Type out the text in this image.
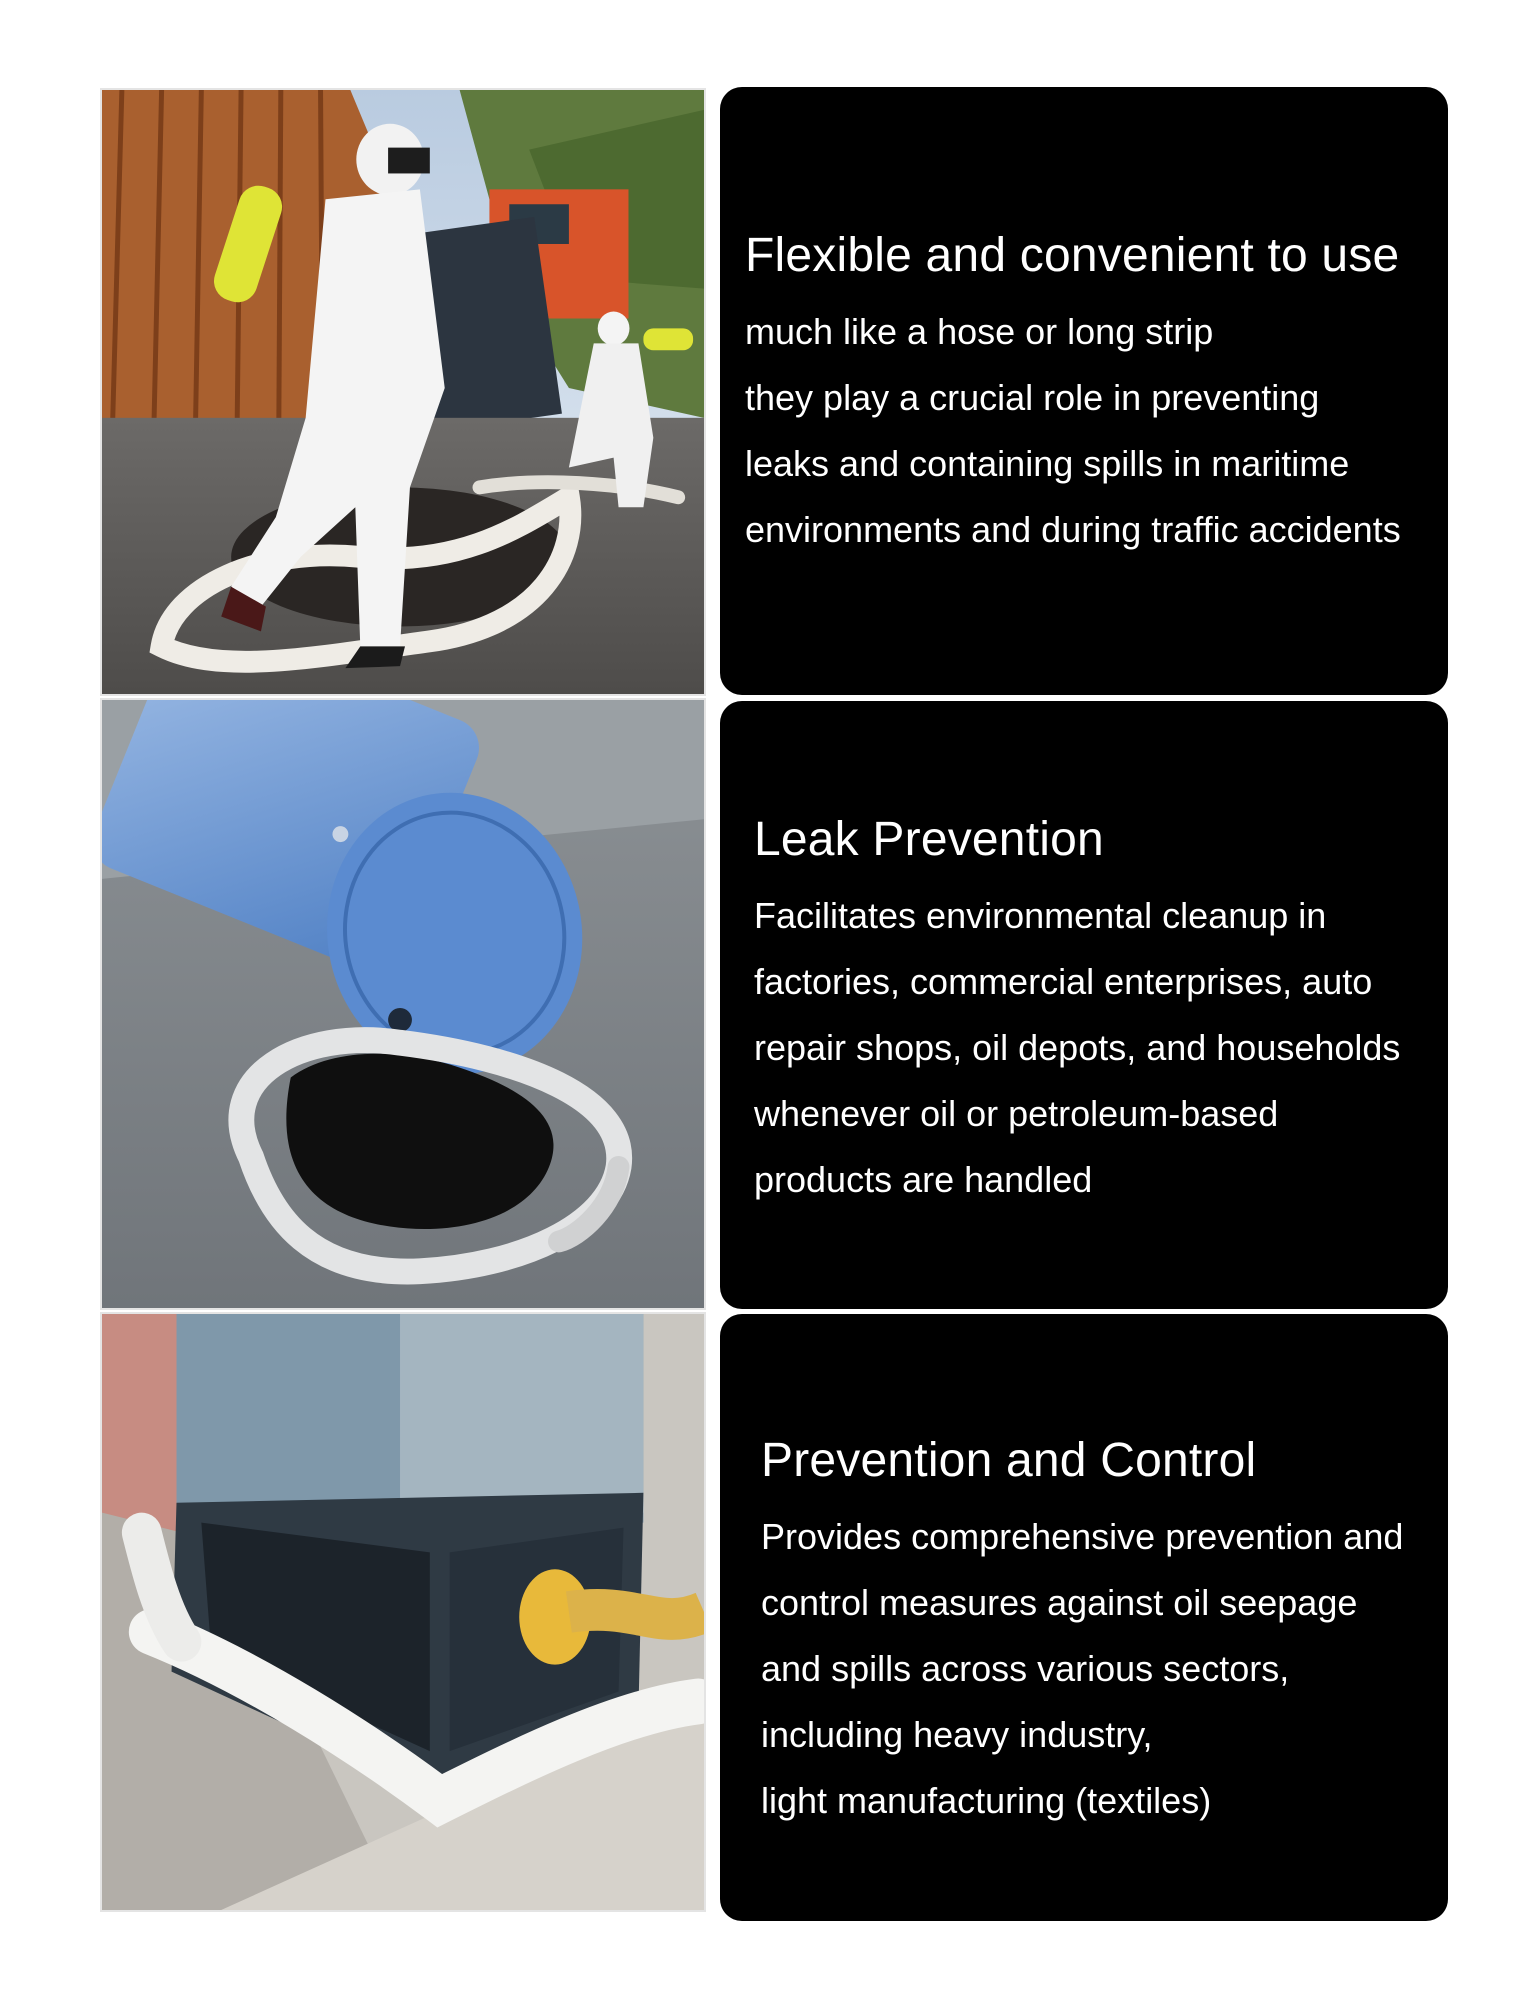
Flexible and convenient to use
much like a hose or long strip
they play a crucial role in preventing
leaks and containing spills in maritime
environments and during traffic accidents
Leak Prevention
Facilitates environmental cleanup in
factories, commercial enterprises, auto
repair shops, oil depots, and households
whenever oil or petroleum-based
products are handled
Prevention and Control
Provides comprehensive prevention and
control measures against oil seepage
and spills across various sectors,
including heavy industry,
light manufacturing (textiles)
